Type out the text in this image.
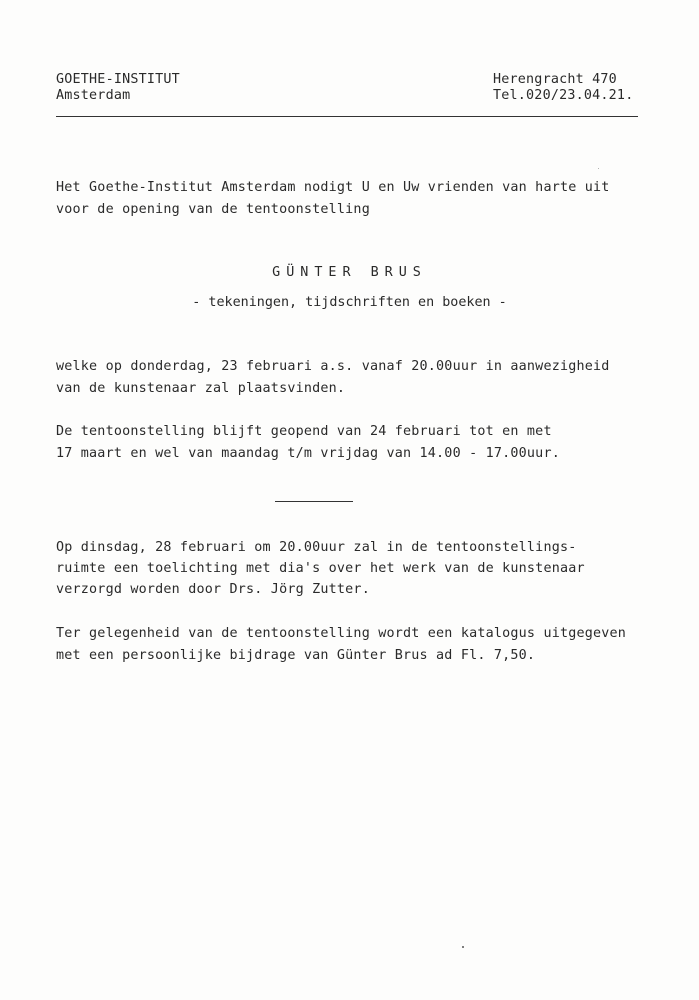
GOETHE-INSTITUT
Amsterdam
Herengracht 470
Tel.020/23.04.21.
Het Goethe-Institut Amsterdam nodigt U en Uw vrienden van harte uit
voor de opening van de tentoonstelling
GÜNTER BRUS
- tekeningen, tijdschriften en boeken -
welke op donderdag, 23 februari a.s. vanaf 20.00uur in aanwezigheid
van de kunstenaar zal plaatsvinden.
De tentoonstelling blijft geopend van 24 februari tot en met
17 maart en wel van maandag t/m vrijdag van 14.00 - 17.00uur.
Op dinsdag, 28 februari om 20.00uur zal in de tentoonstellings-
ruimte een toelichting met dia's over het werk van de kunstenaar
verzorgd worden door Drs. Jörg Zutter.
Ter gelegenheid van de tentoonstelling wordt een katalogus uitgegeven
met een persoonlijke bijdrage van Günter Brus ad Fl. 7,50.
